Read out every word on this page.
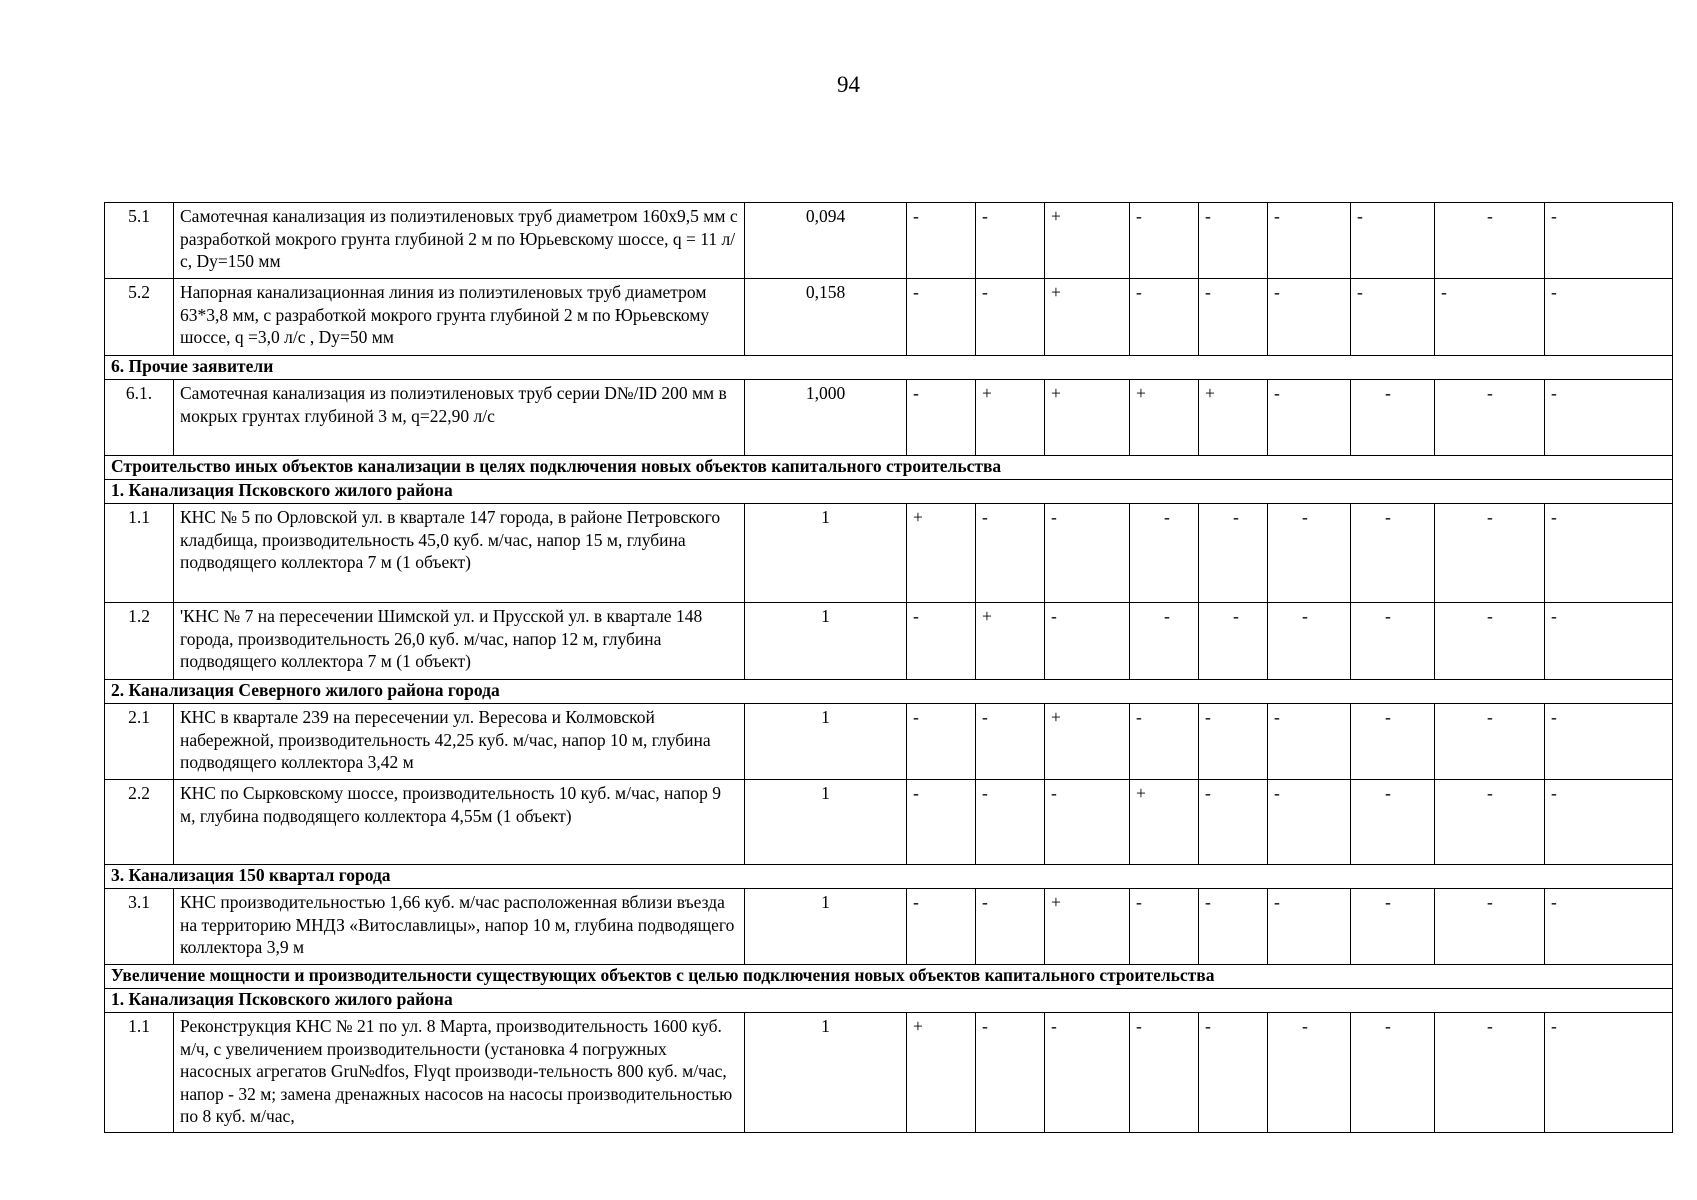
94
5.1	Самотечная канализация из полиэтиленовых труб диаметром 160х9,5 мм с разработкой мокрого грунта глубиной 2 м по Юрьевскому шоссе, q = 11 л/с, Dy=150 мм	0,094	-	-	+	-	-	-	-	-	-	
5.2	Напорная канализационная линия из полиэтиленовых труб диаметром 63*3,8 мм, с разработкой мокрого грунта глубиной 2 м по Юрьевскому шоссе, q =3,0 л/с , Dy=50 мм	0,158	-	-	+	-	-	-	-	-	-	
6. Прочие заявители												
6.1.	Самотечная канализация из полиэтиленовых труб серии D№/ID 200 мм в мокрых грунтах глубиной 3 м, q=22,90 л/с	1,000	-	+	+	+	+	-	-	-	-	
Строительство иных объектов канализации в целях подключения новых объектов капитального строительства												
1. Канализация Псковского жилого района												
1.1	КНС № 5 по Орловской ул. в квартале 147 города, в районе Петровского кладбища, производительность 45,0 куб. м/час, напор 15 м, глубина подводящего коллектора 7 м (1 объект)	1	+	-	-	-	-	-	-	-	-	
1.2	'КНС № 7 на пересечении Шимской ул. и Прусской ул. в квартале 148 города, производительность 26,0 куб. м/час, напор 12 м, глубина подводящего коллектора 7 м (1 объект)	1	-	+	-	-	-	-	-	-	-	
2. Канализация Северного жилого района города												
2.1	КНС в квартале 239 на пересечении ул. Вересова и Колмовской набережной, производительность 42,25 куб. м/час, напор 10 м, глубина подводящего коллектора 3,42 м	1	-	-	+	-	-	-	-	-	-	
2.2	КНС по Сырковскому шоссе, производительность 10 куб. м/час, напор 9 м, глубина подводящего коллектора 4,55м (1 объект)	1	-	-	-	+	-	-	-	-	-	
3. Канализация 150 квартал города												
3.1	КНС производительностью 1,66 куб. м/час расположенная вблизи въезда на территорию МНДЗ «Витославлицы», напор 10 м, глубина подводящего коллектора 3,9 м	1	-	-	+	-	-	-	-	-	-	
Увеличение мощности и производительности существующих объектов с целью подключения новых объектов капитального строительства												
1. Канализация Псковского жилого района												
1.1	Реконструкция КНС № 21 по ул. 8 Марта, производительность 1600 куб. м/ч, с увеличением производительности (установка 4 погружных насосных агрегатов Gru№dfos, Flyqt производи-тельность 800 куб. м/час, напор - 32 м; замена дренажных насосов на насосы производительностью по 8 куб. м/час,	1	+	-	-	-	-	-	-	-	-	
